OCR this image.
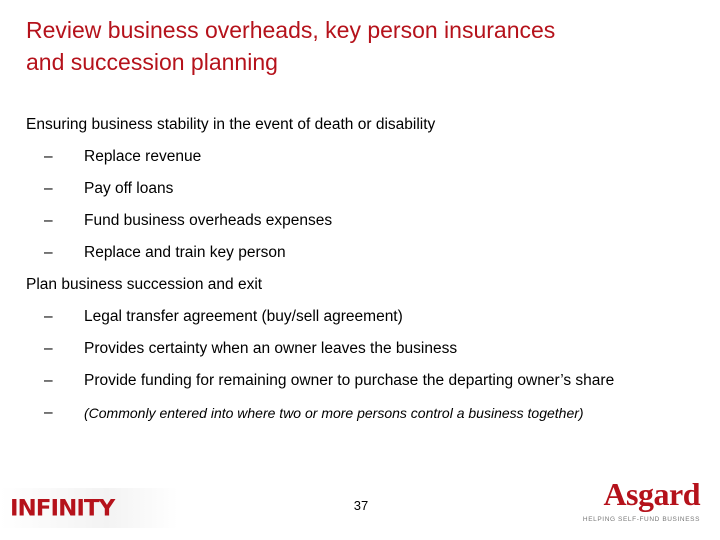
Review business overheads, key person insurances
and succession planning
Ensuring business stability in the event of death or disability
–	Replace revenue
–	Pay off loans
–	Fund business overheads expenses
–	Replace and train key person
Plan business succession and exit
–	Legal transfer agreement (buy/sell agreement)
–	Provides certainty when an owner leaves the business
–	Provide funding for remaining owner to purchase the departing owner’s share
–	(Commonly entered into where two or more persons control a business together)
INFINITY	37	Asgard
HELPING SELF-FUND BUSINESS
